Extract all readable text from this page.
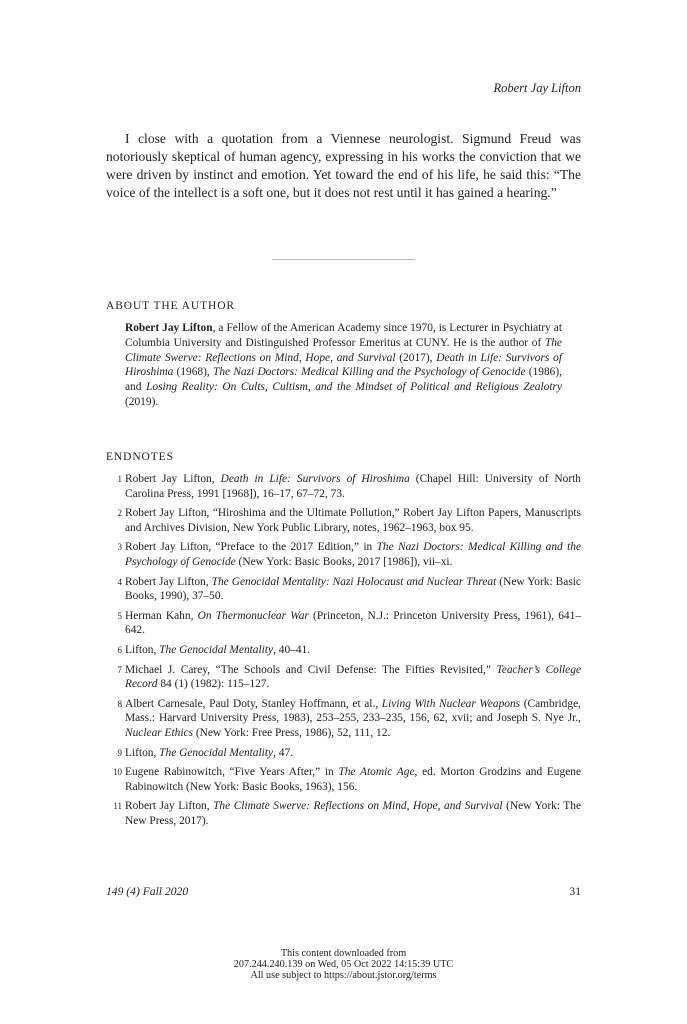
Robert Jay Lifton

I close with a quotation from a Viennese neurologist. Sigmund Freud was notoriously skeptical of human agency, expressing in his works the conviction that we were driven by instinct and emotion. Yet toward the end of his life, he said this: “The voice of the intellect is a soft one, but it does not rest until it has gained a hearing.”

ABOUT THE AUTHOR

Robert Jay Lifton, a Fellow of the American Academy since 1970, is Lecturer in Psychiatry at Columbia University and Distinguished Professor Emeritus at CUNY. He is the author of The Climate Swerve: Reflections on Mind, Hope, and Survival (2017), Death in Life: Survivors of Hiroshima (1968), The Nazi Doctors: Medical Killing and the Psychology of Genocide (1986), and Losing Reality: On Cults, Cultism, and the Mindset of Political and Religious Zealotry (2019).

ENDNOTES
1 Robert Jay Lifton, Death in Life: Survivors of Hiroshima (Chapel Hill: University of North Carolina Press, 1991 [1968]), 16–17, 67–72, 73.
2 Robert Jay Lifton, “Hiroshima and the Ultimate Pollution,” Robert Jay Lifton Papers, Manuscripts and Archives Division, New York Public Library, notes, 1962–1963, box 95.
3 Robert Jay Lifton, “Preface to the 2017 Edition,” in The Nazi Doctors: Medical Killing and the Psychology of Genocide (New York: Basic Books, 2017 [1986]), vii–xi.
4 Robert Jay Lifton, The Genocidal Mentality: Nazi Holocaust and Nuclear Threat (New York: Basic Books, 1990), 37–50.
5 Herman Kahn, On Thermonuclear War (Princeton, N.J.: Princeton University Press, 1961), 641–642.
6 Lifton, The Genocidal Mentality, 40–41.
7 Michael J. Carey, “The Schools and Civil Defense: The Fifties Revisited,” Teacher’s College Record 84 (1) (1982): 115–127.
8 Albert Carnesale, Paul Doty, Stanley Hoffmann, et al., Living With Nuclear Weapons (Cambridge, Mass.: Harvard University Press, 1983), 253–255, 233–235, 156, 62, xvii; and Joseph S. Nye Jr., Nuclear Ethics (New York: Free Press, 1986), 52, 111, 12.
9 Lifton, The Genocidal Mentality, 47.
10 Eugene Rabinowitch, “Five Years After,” in The Atomic Age, ed. Morton Grodzins and Eugene Rabinowitch (New York: Basic Books, 1963), 156.
11 Robert Jay Lifton, The Climate Swerve: Reflections on Mind, Hope, and Survival (New York: The New Press, 2017).
149 (4) Fall 2020	31
This content downloaded from
207.244.240.139 on Wed, 05 Oct 2022 14:15:39 UTC
All use subject to https://about.jstor.org/terms
